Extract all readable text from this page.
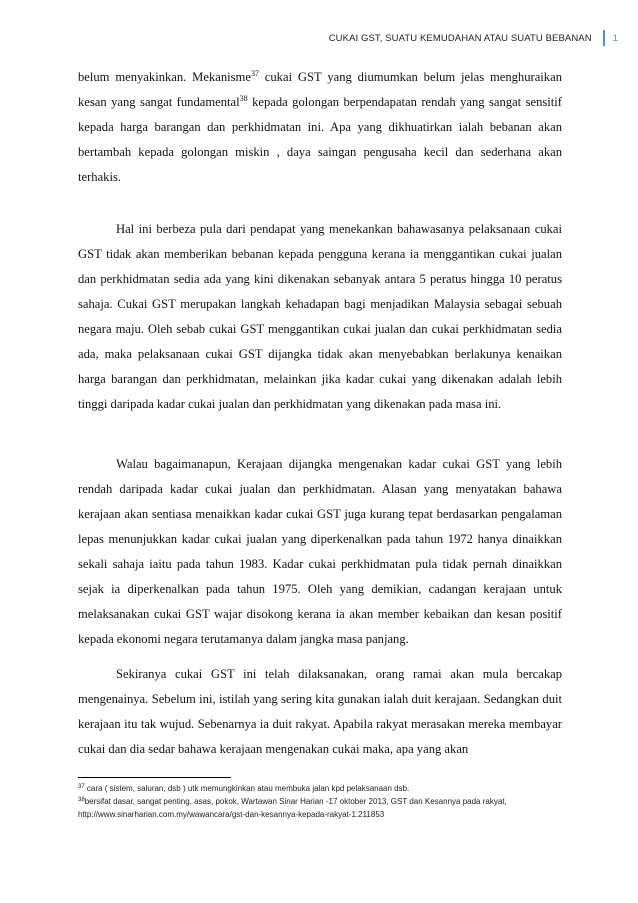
CUKAI GST, SUATU KEMUDAHAN ATAU SUATU BEBANAN 1

belum menyakinkan. Mekanisme$^{37}$ cukai GST yang diumumkan belum jelas menghuraikan kesan yang sangat fundamental$^{38}$ kepada golongan berpendapatan rendah yang sangat sensitif kepada harga barangan dan perkhidmatan ini. Apa yang dikhuatirkan ialah bebanan akan bertambah kepada golongan miskin , daya saingan pengusaha kecil dan sederhana akan terhakis.

Hal ini berbeza pula dari pendapat yang menekankan bahawasanya pelaksanaan cukai GST tidak akan memberikan bebanan kepada pengguna kerana ia menggantikan cukai jualan dan perkhidmatan sedia ada yang kini dikenakan sebanyak antara 5 peratus hingga 10 peratus sahaja. Cukai GST merupakan langkah kehadapan bagi menjadikan Malaysia sebagai sebuah negara maju. Oleh sebab cukai GST menggantikan cukai jualan dan cukai perkhidmatan sedia ada, maka pelaksanaan cukai GST dijangka tidak akan menyebabkan berlakunya kenaikan harga barangan dan perkhidmatan, melainkan jika kadar cukai yang dikenakan adalah lebih tinggi daripada kadar cukai jualan dan perkhidmatan yang dikenakan pada masa ini.

Walau bagaimanapun, Kerajaan dijangka mengenakan kadar cukai GST yang lebih rendah daripada kadar cukai jualan dan perkhidmatan. Alasan yang menyatakan bahawa kerajaan akan sentiasa menaikkan kadar cukai GST juga kurang tepat berdasarkan pengalaman lepas menunjukkan kadar cukai jualan yang diperkenalkan pada tahun 1972 hanya dinaikkan sekali sahaja iaitu pada tahun 1983. Kadar cukai perkhidmatan pula tidak pernah dinaikkan sejak ia diperkenalkan pada tahun 1975. Oleh yang demikian, cadangan kerajaan untuk melaksanakan cukai GST wajar disokong kerana ia akan member kebaikan dan kesan positif kepada ekonomi negara terutamanya dalam jangka masa panjang.

Sekiranya cukai GST ini telah dilaksanakan, orang ramai akan mula bercakap mengenainya. Sebelum ini, istilah yang sering kita gunakan ialah duit kerajaan. Sedangkan duit kerajaan itu tak wujud. Sebenarnya ia duit rakyat. Apabila rakyat merasakan mereka membayar cukai dan dia sedar bahawa kerajaan mengenakan cukai maka, apa yang akan

$^{37}$ cara ( sistem, saluran, dsb ) utk memungkinkan atau membuka jalan kpd pelaksanaan dsb.

$^{38}$bersifat dasar, sangat penting, asas, pokok, Wartawan Sinar Harian -17 oktober 2013, GST dan Kesannya pada rakyat, http://www.sinarharian.com.my/wawancara/gst-dan-kesannya-kepada-rakyat-1.211853
